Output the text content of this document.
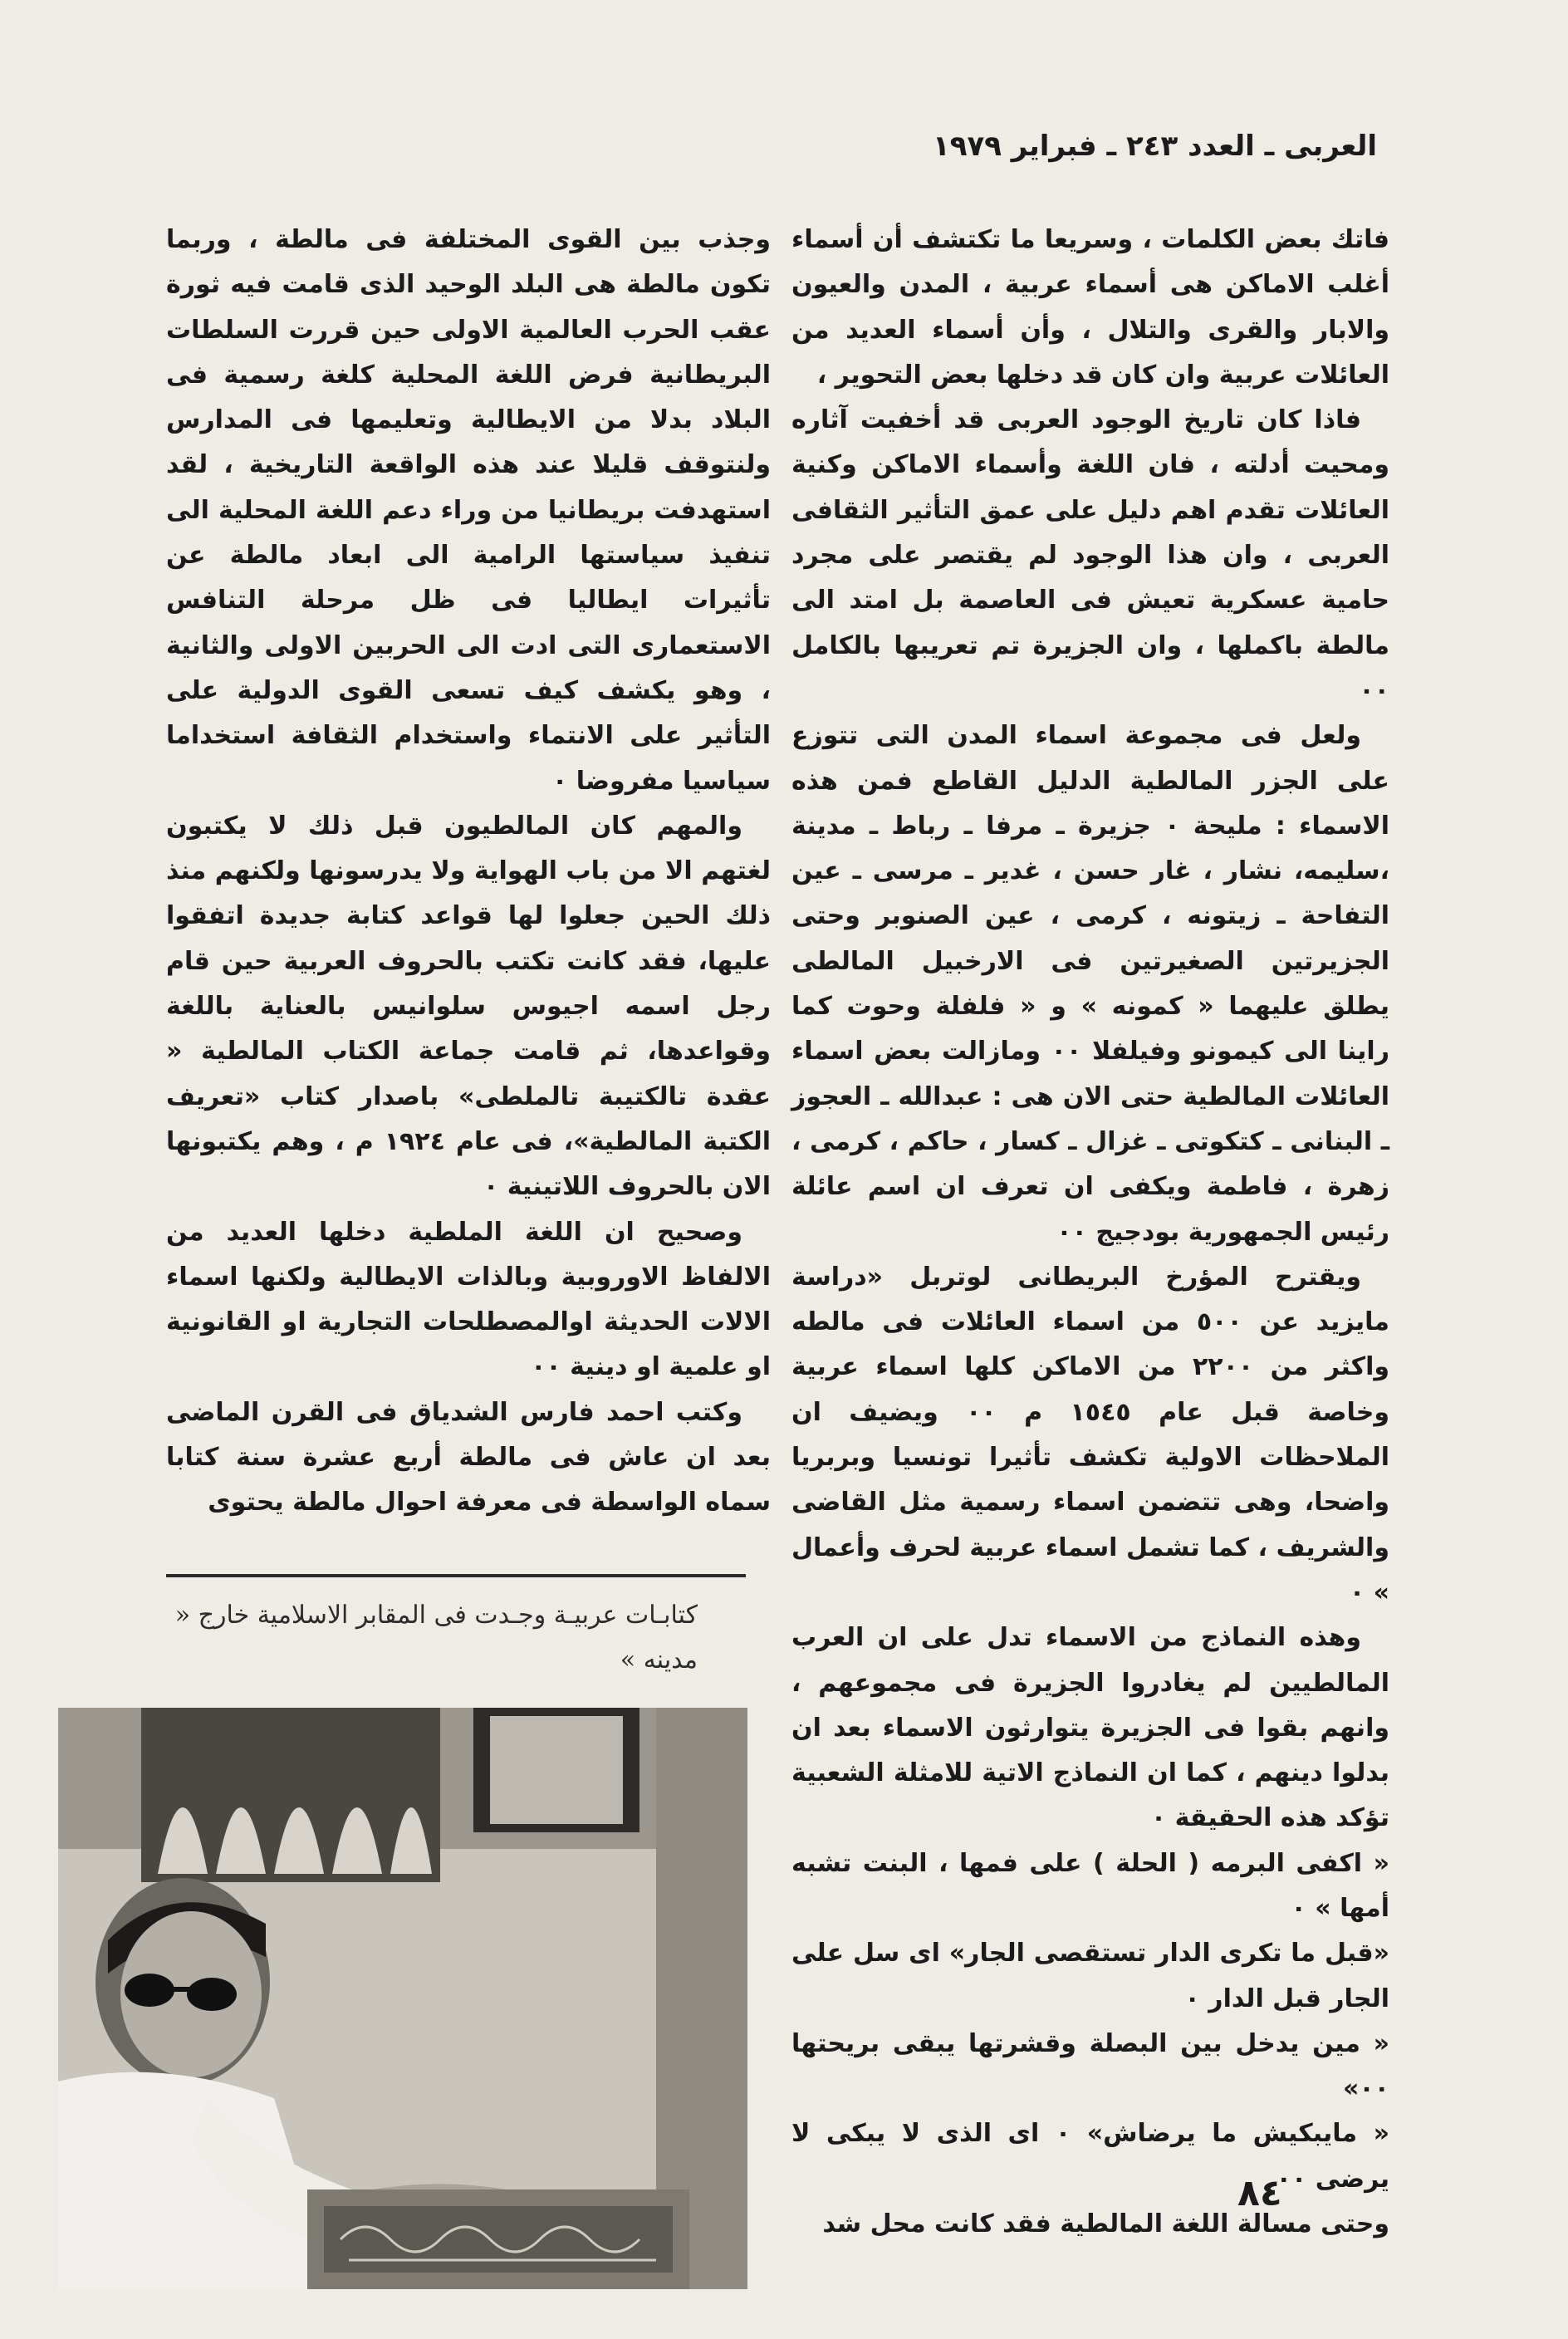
العربى ـ العدد ٢٤٣ ـ فبراير ١٩٧٩

فاتك بعض الكلمات ، وسريعا ما تكتشف أن أسماء أغلب الاماكن هى أسماء عربية ، المدن والعيون والابار والقرى والتلال ، وأن أسماء العديد من العائلات عربية وان كان قد دخلها بعض التحوير ،

فاذا كان تاريخ الوجود العربى قد أخفيت آثاره ومحيت أدلته ، فان اللغة وأسماء الاماكن وكنية العائلات تقدم اهم دليل على عمق التأثير الثقافى العربى ، وان هذا الوجود لم يقتصر على مجرد حامية عسكرية تعيش فى العاصمة بل امتد الى مالطة باكملها ، وان الجزيرة تم تعريبها بالكامل ٠٠

ولعل فى مجموعة اسماء المدن التى تتوزع على الجزر المالطية الدليل القاطع فمن هذه الاسماء : مليحة ٠ جزيرة ـ مرفا ـ رباط ـ مدينة ،سليمه، نشار ، غار حسن ، غدير ـ مرسى ـ عين التفاحة ـ زيتونه ، كرمى ، عين الصنوبر وحتى الجزيرتين الصغيرتين فى الارخبيل المالطى يطلق عليهما « كمونه » و « فلفلة وحوت كما راينا الى كيمونو وفيلفلا ٠٠ ومازالت بعض اسماء العائلات المالطية حتى الان هى : عبدالله ـ العجوز ـ البنانى ـ كتكوتى ـ غزال ـ كسار ، حاكم ، كرمى ، زهرة ، فاطمة ويكفى ان تعرف ان اسم عائلة رئيس الجمهورية بودجيج ٠٠

ويقترح المؤرخ البريطانى لوتربل «دراسة مايزيد عن ٥٠٠ من اسماء العائلات فى مالطه واكثر من ٢٢٠٠ من الاماكن كلها اسماء عربية وخاصة قبل عام ١٥٤٥ م ٠٠ ويضيف ان الملاحظات الاولية تكشف تأثيرا تونسيا وبربريا واضحا، وهى تتضمن اسماء رسمية مثل القاضى والشريف ، كما تشمل اسماء عربية لحرف وأعمال » ٠

وهذه النماذج من الاسماء تدل على ان العرب المالطيين لم يغادروا الجزيرة فى مجموعهم ، وانهم بقوا فى الجزيرة يتوارثون الاسماء بعد ان بدلوا دينهم ، كما ان النماذج الاتية للامثلة الشعبية تؤكد هذه الحقيقة ٠

« اكفى البرمه ( الحلة ) على فمها ، البنت تشبه أمها » ٠

«قبل ما تكرى الدار تستقصى الجار» اى سل على الجار قبل الدار ٠

« مين يدخل بين البصلة وقشرتها يبقى بريحتها ٠٠»

« مايبكيش ما يرضاش» ٠ اى الذى لا يبكى لا يرضى ٠٠

وحتى مسالة اللغة المالطية فقد كانت محل شد

وجذب بين القوى المختلفة فى مالطة ، وربما تكون مالطة هى البلد الوحيد الذى قامت فيه ثورة عقب الحرب العالمية الاولى حين قررت السلطات البريطانية فرض اللغة المحلية كلغة رسمية فى البلاد بدلا من الايطالية وتعليمها فى المدارس ولنتوقف قليلا عند هذه الواقعة التاريخية ، لقد استهدفت بريطانيا من وراء دعم اللغة المحلية الى تنفيذ سياستها الرامية الى ابعاد مالطة عن تأثيرات ايطاليا فى ظل مرحلة التنافس الاستعمارى التى ادت الى الحربين الاولى والثانية ، وهو يكشف كيف تسعى القوى الدولية على التأثير على الانتماء واستخدام الثقافة استخداما سياسيا مفروضا ٠

والمهم كان المالطيون قبل ذلك لا يكتبون لغتهم الا من باب الهواية ولا يدرسونها ولكنهم منذ ذلك الحين جعلوا لها قواعد كتابة جديدة اتفقوا عليها، فقد كانت تكتب بالحروف العربية حين قام رجل اسمه اجيوس سلوانيس بالعناية باللغة وقواعدها، ثم قامت جماعة الكتاب المالطية « عقدة تالكتيبة تالملطى» باصدار كتاب «تعريف الكتبة المالطية»، فى عام ١٩٢٤ م ، وهم يكتبونها الان بالحروف اللاتينية ٠

وصحيح ان اللغة الملطية دخلها العديد من الالفاظ الاوروبية وبالذات الايطالية ولكنها اسماء الالات الحديثة اوالمصطلحات التجارية او القانونية او علمية او دينية ٠٠

وكتب احمد فارس الشدياق فى القرن الماضى بعد ان عاش فى مالطة أربع عشرة سنة كتابا سماه الواسطة فى معرفة احوال مالطة يحتوى

كتابـات عربيـة وجـدت فى المقابر الاسلامية خارج « مدينه »
٨٤
